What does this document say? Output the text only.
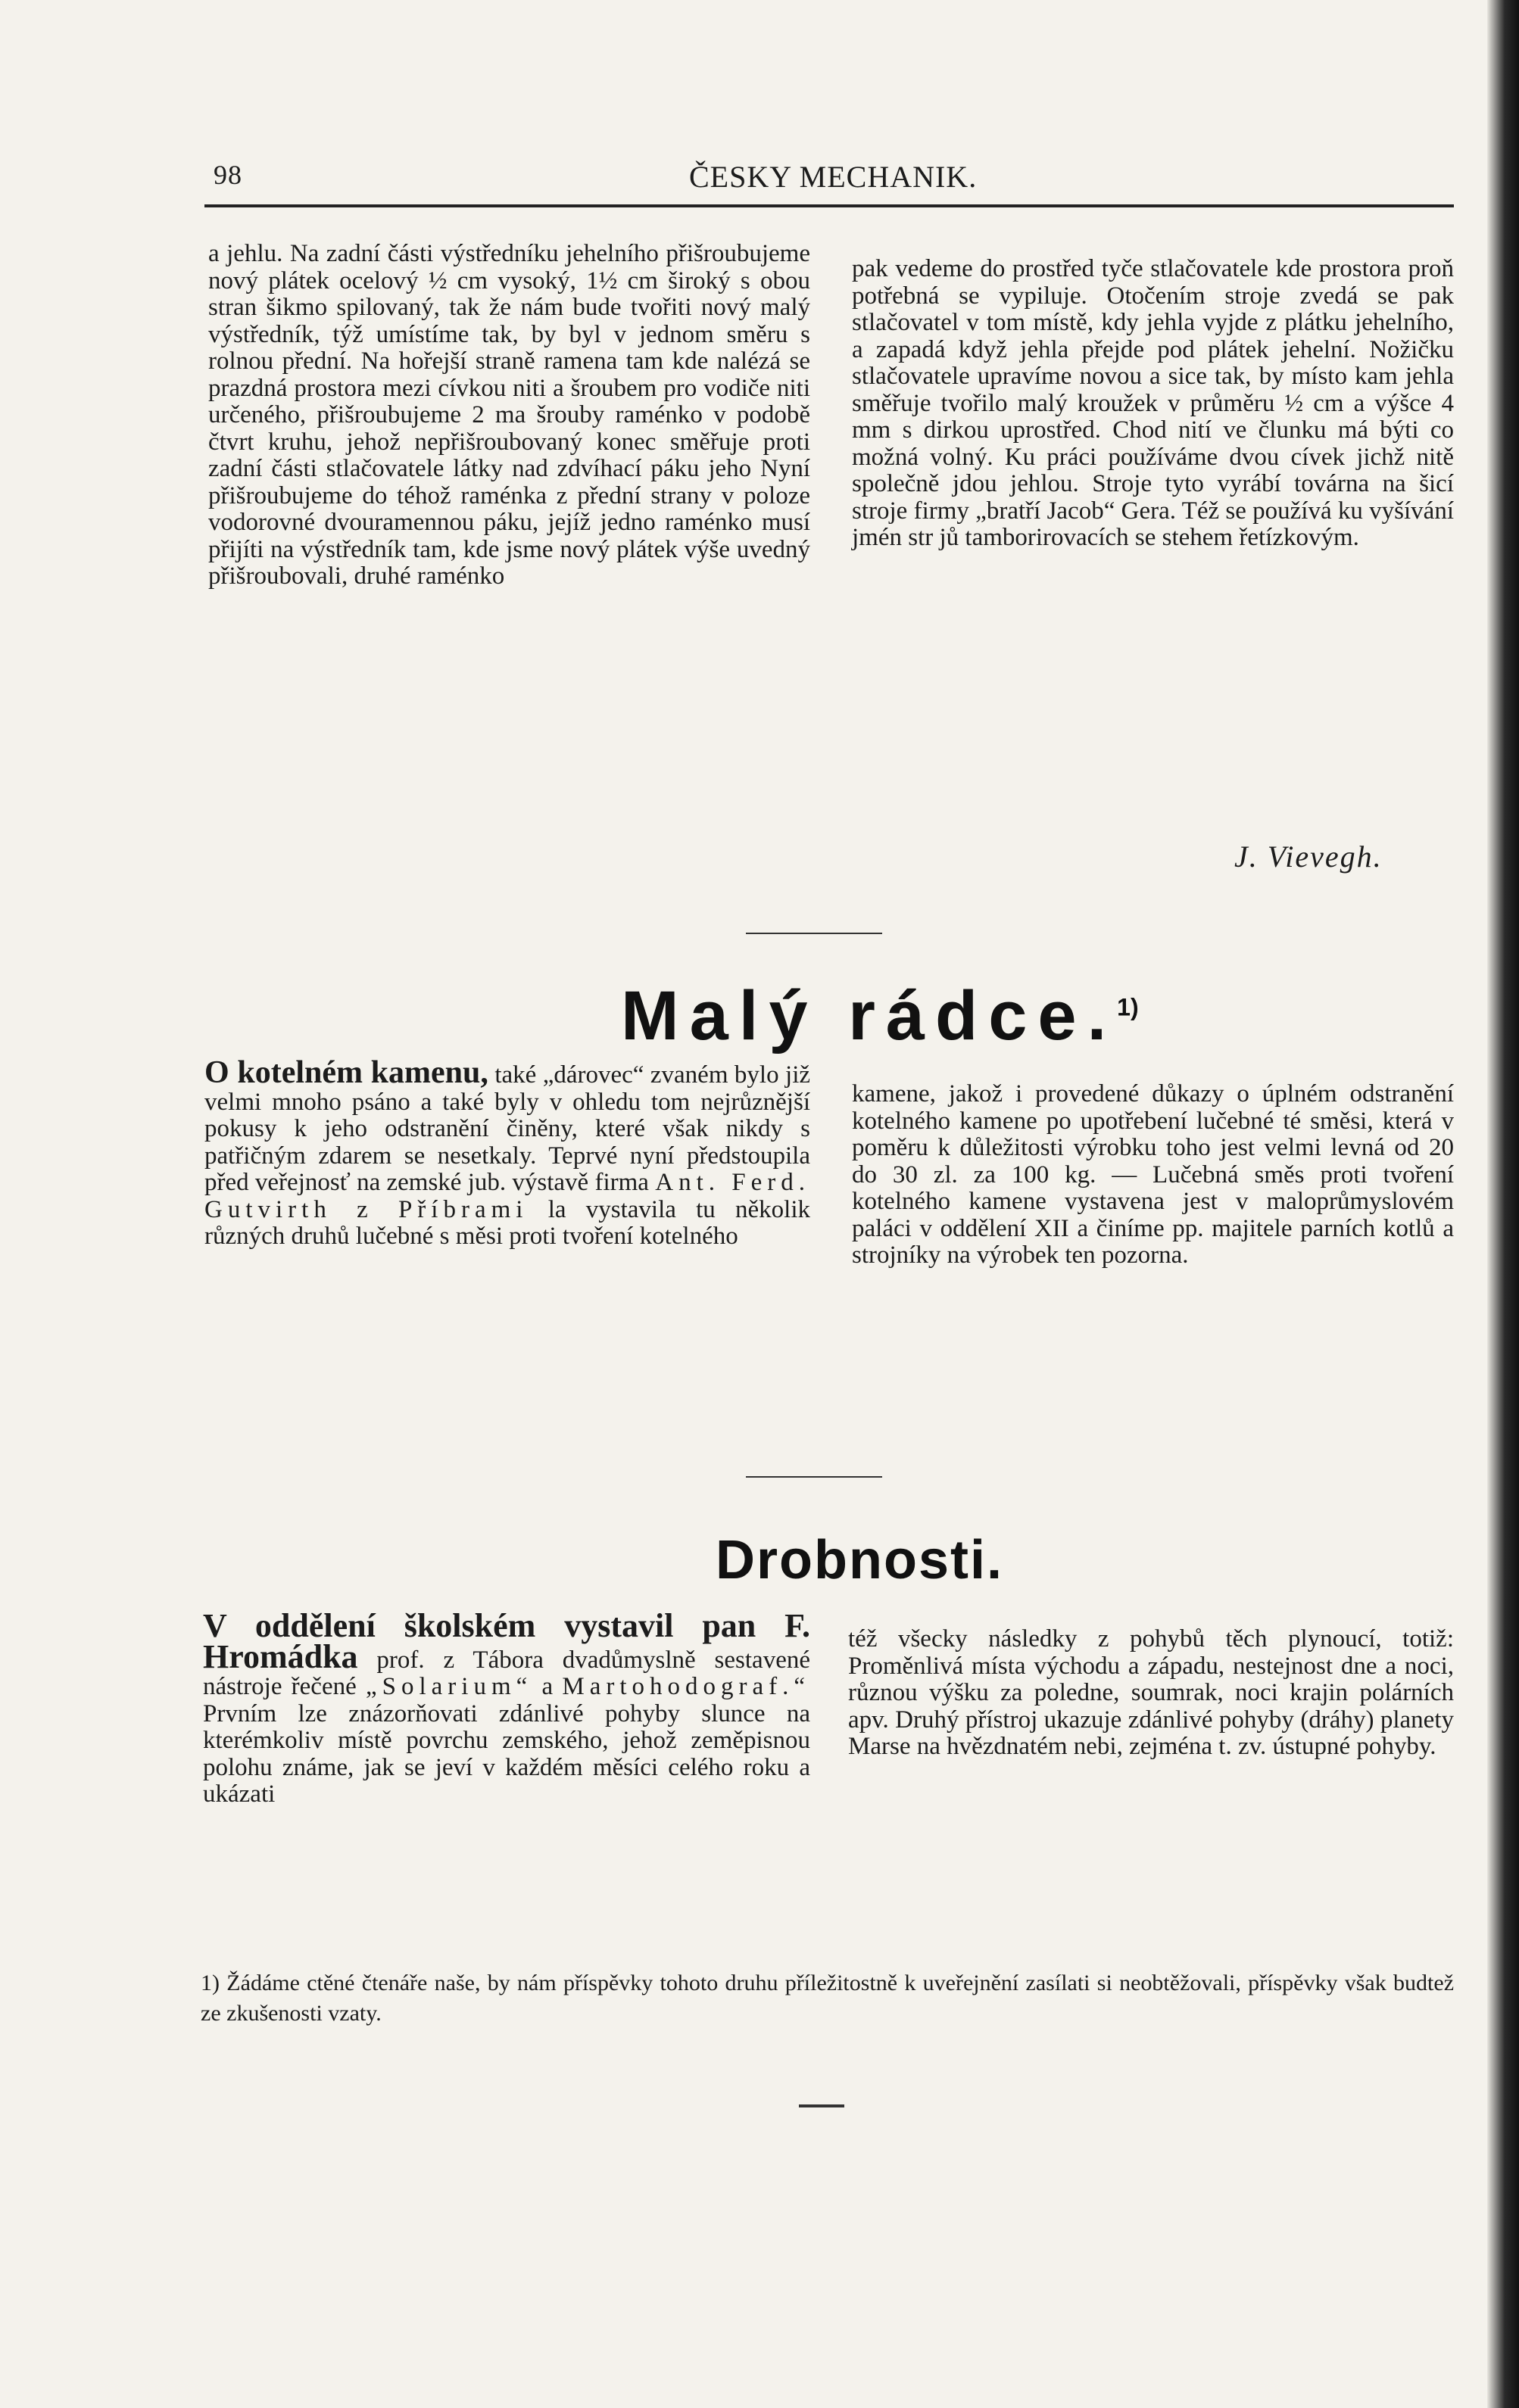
98	ČESKY MECHANIK.

a jehlu. Na zadní části výstředníku jehelního přišroubujeme nový plátek ocelový ½ cm vysoký, 1½ cm široký s obou stran šikmo spilovaný, tak že nám bude tvořiti nový malý výstředník, týž umístíme tak, by byl v jednom směru s rolnou přední. Na hořejší straně ramena tam kde nalézá se prazdná prostora mezi cívkou niti a šroubem pro vodiče niti určeného, přišroubujeme 2 ma šrouby raménko v podobě čtvrt kruhu, jehož nepřišroubovaný konec směřuje proti zadní části stlačovatele látky nad zdvíhací páku jeho Nyní přišroubujeme do téhož raménka z přední strany v poloze vodorovné dvouramennou páku, jejíž jedno raménko musí přijíti na výstředník tam, kde jsme nový plátek výše uvedný přišroubovali, druhé raménko

pak vedeme do prostřed tyče stlačovatele kde prostora proň potřebná se vypiluje. Otočením stroje zvedá se pak stlačovatel v tom místě, kdy jehla vyjde z plátku jehelního, a zapadá když jehla přejde pod plátek jehelní. Nožičku stlačovatele upravíme novou a sice tak, by místo kam jehla směřuje tvořilo malý kroužek v průměru ½ cm a výšce 4 mm s dirkou uprostřed. Chod nití ve člunku má býti co možná volný. Ku práci používáme dvou cívek jichž nitě společně jdou jehlou. Stroje tyto vyrábí továrna na šicí stroje firmy „bratří Jacob“ Gera. Též se používá ku vyšívání jmén str jů tamborirovacích se stehem řetízkovým.

J. Vievegh.
Malý rádce.$^{1)}$

O kotelném kamenu, také „dárovec“ zvaném bylo již velmi mnoho psáno a také byly v ohledu tom nejrůznější pokusy k jeho odstranění činěny, které však nikdy s patřičným zdarem se nesetkaly. Teprvé nyní předstoupila před veřejnosť na zemské jub. výstavě firma Ant. Ferd. Gutvirth z Příbrami la vystavila tu několik různých druhů lučebné s měsi proti tvoření kotelného

kamene, jakož i provedené důkazy o úplném odstranění kotelného kamene po upotřebení lučebné té směsi, která v poměru k důležitosti výrobku toho jest velmi levná od 20 do 30 zl. za 100 kg. — Lučebná směs proti tvoření kotelného kamene vystavena jest v maloprůmyslovém paláci v oddělení XII a činíme pp. majitele parních kotlů a strojníky na výrobek ten pozorna.

Drobnosti.

V oddělení školském vystavil pan F. Hromádka prof. z Tábora dvadůmyslně sestavené nástroje řečené „Solarium“ a Martohodograf.“ Prvním lze znázorňovati zdánlivé pohyby slunce na kterémkoliv místě povrchu zemského, jehož zeměpisnou polohu známe, jak se jeví v každém měsíci celého roku a ukázati

též všecky následky z pohybů těch plynoucí, totiž: Proměnlivá místa východu a západu, nestejnost dne a noci, různou výšku za poledne, soumrak, noci krajin polárních apv. Druhý přístroj ukazuje zdánlivé pohyby (dráhy) planety Marse na hvězdnatém nebi, zejména t. zv. ústupné pohyby.

1) Žádáme ctěné čtenáře naše, by nám příspěvky tohoto druhu příležitostně k uveřejnění zasílati si neobtěžovali, příspěvky však budtež ze zkušenosti vzaty.
